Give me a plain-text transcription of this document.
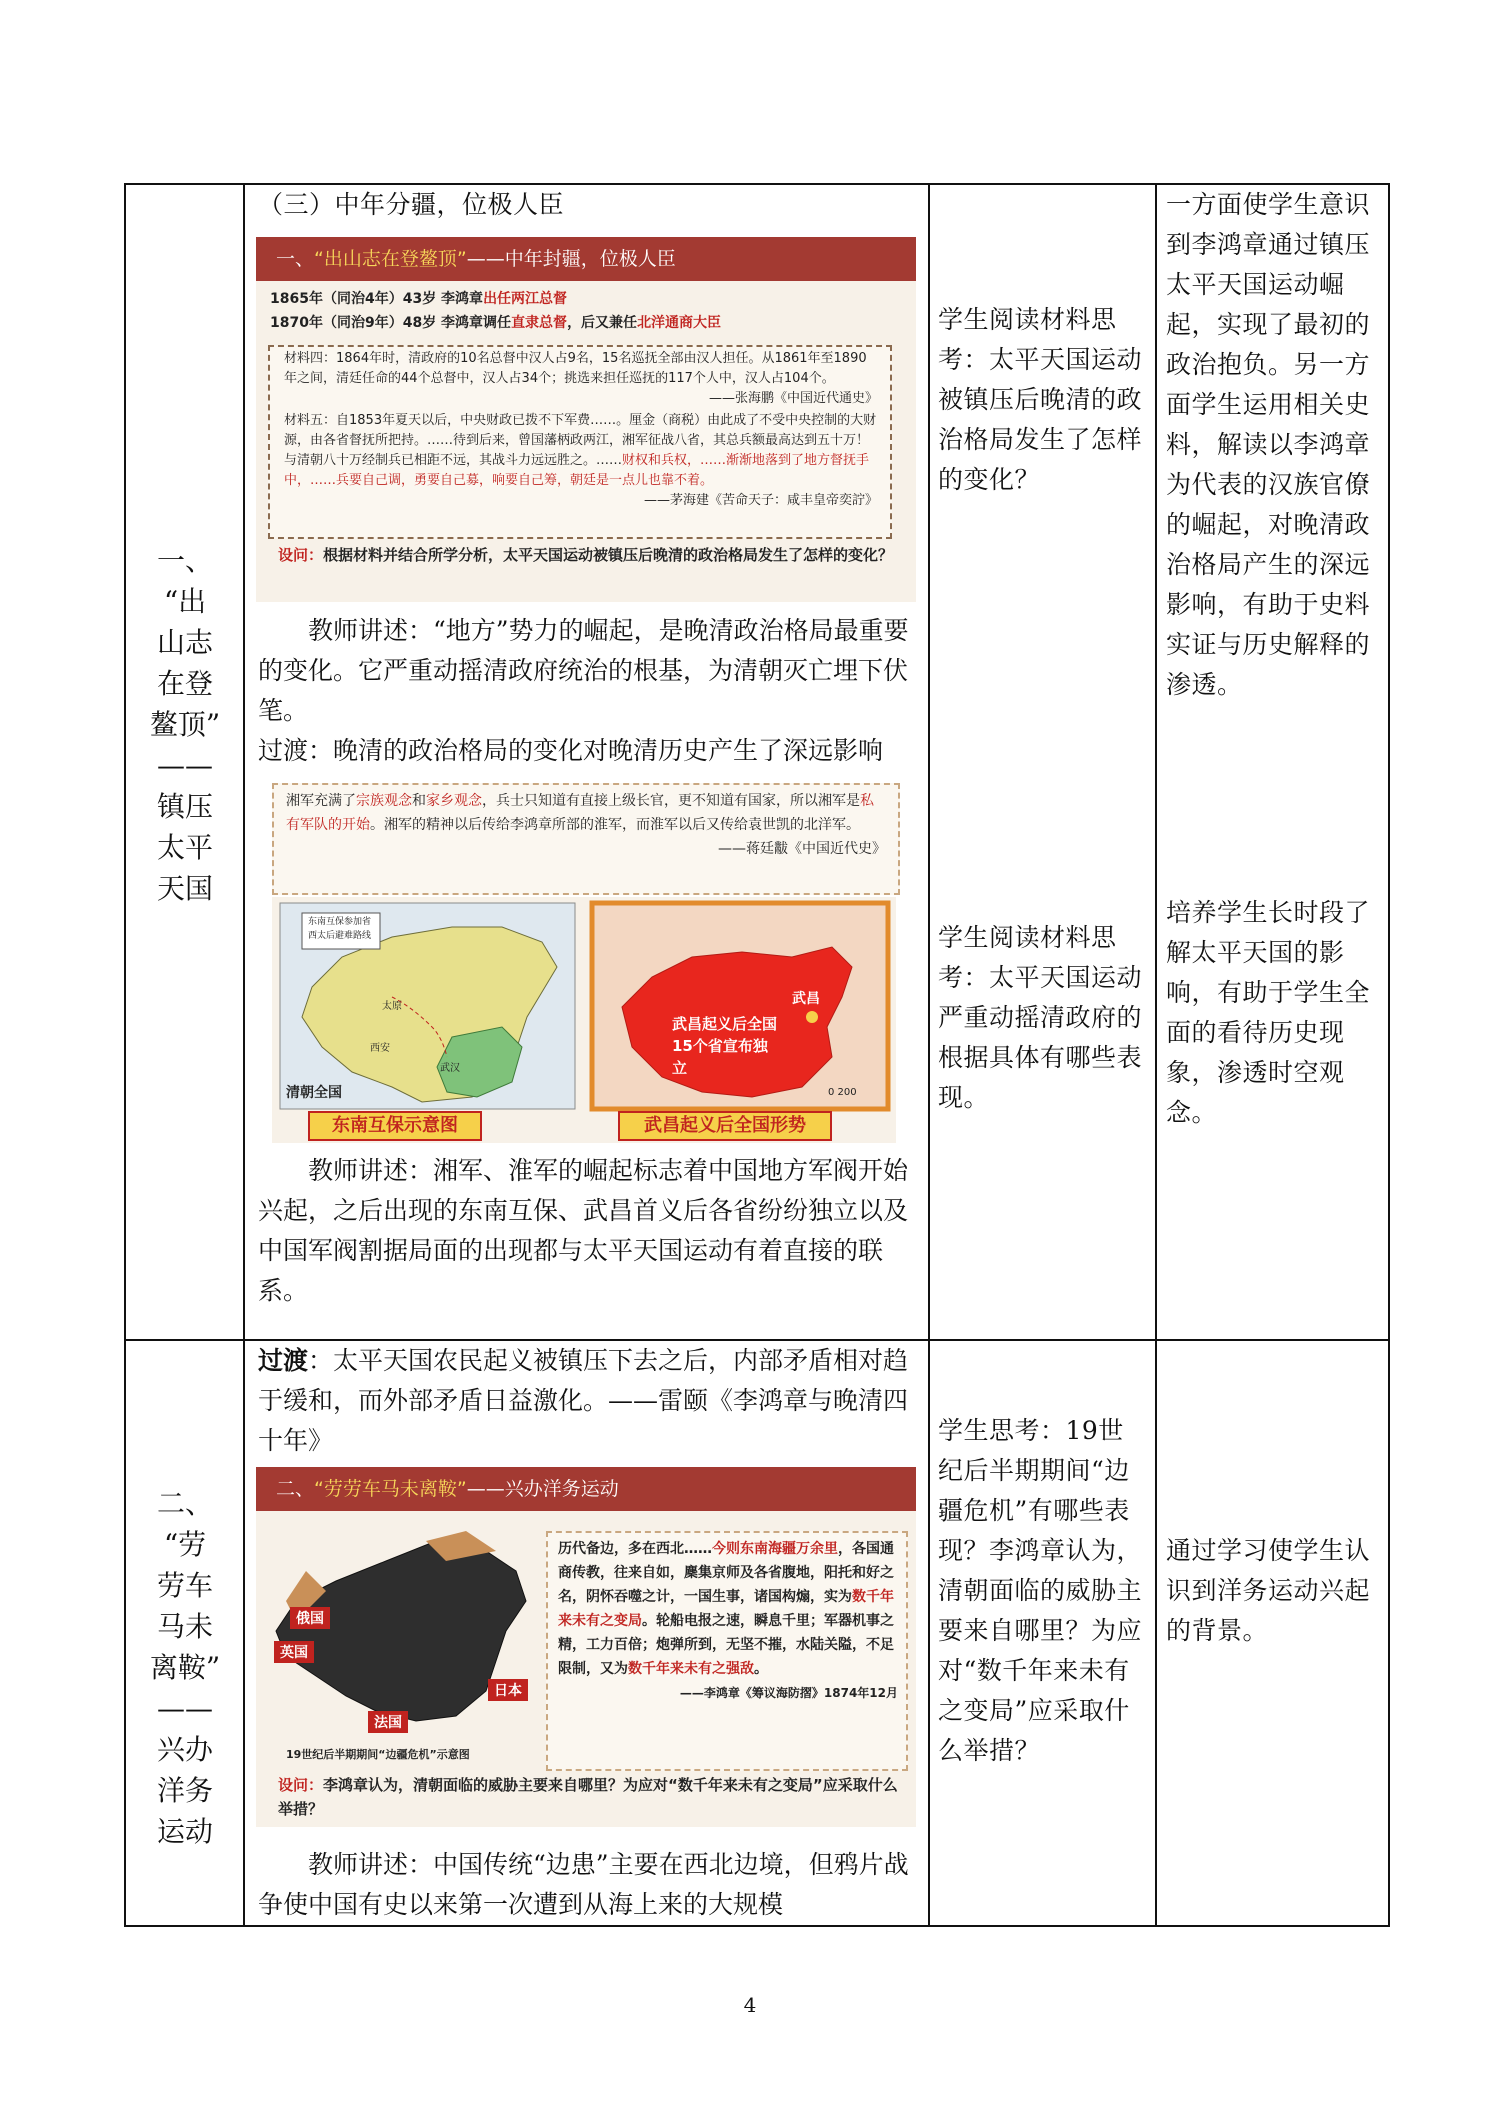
一、
“出
山志
在登
鳌顶”
——
镇压
太平
天国
（三）中年分疆，位极人臣
一、“出山志在登鳌顶”——中年封疆，位极人臣
1865年（同治4年）43岁 李鸿章出任两江总督
1870年（同治9年）48岁 李鸿章调任直隶总督，后又兼任北洋通商大臣
材料四：1864年时，清政府的10名总督中汉人占9名，15名巡抚全部由汉人担任。从1861年至1890年之间，清廷任命的44个总督中，汉人占34个；挑选来担任巡抚的117个人中，汉人占104个。
——张海鹏《中国近代通史》
材料五：自1853年夏天以后，中央财政已拨不下军费……。厘金（商税）由此成了不受中央控制的大财源，由各省督抚所把持。……待到后来，曾国藩柄政两江，湘军征战八省，其总兵额最高达到五十万！与清朝八十万经制兵已相距不远，其战斗力远远胜之。……财权和兵权，……渐渐地落到了地方督抚手中，……兵要自己调，勇要自己募，响要自己筹，朝廷是一点儿也靠不着。
——茅海建《苦命天子：咸丰皇帝奕詝》
设问：根据材料并结合所学分析，太平天国运动被镇压后晚清的政治格局发生了怎样的变化？
教师讲述：“地方”势力的崛起，是晚清政治格局最重要的变化。它严重动摇清政府统治的根基，为清朝灭亡埋下伏笔。
过渡：晚清的政治格局的变化对晚清历史产生了深远影响
湘军充满了宗族观念和家乡观念，兵士只知道有直接上级长官，更不知道有国家，所以湘军是私有军队的开始。湘军的精神以后传给李鸿章所部的淮军，而淮军以后又传给袁世凯的北洋军。
——蒋廷黻《中国近代史》
东南互保参加省 西太后避难路线
太原
西安
武汉
清朝全国
武昌
武昌起义后全国15个省宣布独立
0 200
东南互保示意图	武昌起义后全国形势
教师讲述：湘军、淮军的崛起标志着中国地方军阀开始兴起，之后出现的东南互保、武昌首义后各省纷纷独立以及中国军阀割据局面的出现都与太平天国运动有着直接的联系。
学生阅读材料思考：太平天国运动被镇压后晚清的政治格局发生了怎样的变化？
学生阅读材料思考：太平天国运动严重动摇清政府的根据具体有哪些表现。
一方面使学生意识到李鸿章通过镇压太平天国运动崛起，实现了最初的政治抱负。另一方面学生运用相关史料，解读以李鸿章为代表的汉族官僚的崛起，对晚清政治格局产生的深远影响，有助于史料实证与历史解释的渗透。
培养学生长时段了解太平天国的影响，有助于学生全面的看待历史现象，渗透时空观念。
二、
“劳
劳车
马未
离鞍”
——
兴办
洋务
运动
过渡：太平天国农民起义被镇压下去之后，内部矛盾相对趋于缓和，而外部矛盾日益激化。——雷颐《李鸿章与晚清四十年》
二、“劳劳车马未离鞍”——兴办洋务运动
俄国
英国
法国
日本
19世纪后半期期间“边疆危机”示意图
历代备边，多在西北……今则东南海疆万余里，各国通商传教，往来自如，麇集京师及各省腹地，阳托和好之名，阴怀吞噬之计，一国生事，诸国构煽，实为数千年来未有之变局。轮船电报之速，瞬息千里；军器机事之精，工力百倍；炮弹所到，无坚不摧，水陆关隘，不足限制，又为数千年来未有之强敌。
——李鸿章《筹议海防摺》1874年12月
设问：李鸿章认为，清朝面临的威胁主要来自哪里？为应对“数千年来未有之变局”应采取什么举措？
教师讲述：中国传统“边患”主要在西北边境，但鸦片战争使中国有史以来第一次遭到从海上来的大规模
学生思考：19世纪后半期期间“边疆危机”有哪些表现？李鸿章认为，清朝面临的威胁主要来自哪里？为应对“数千年来未有之变局”应采取什么举措？
通过学习使学生认识到洋务运动兴起的背景。
4
